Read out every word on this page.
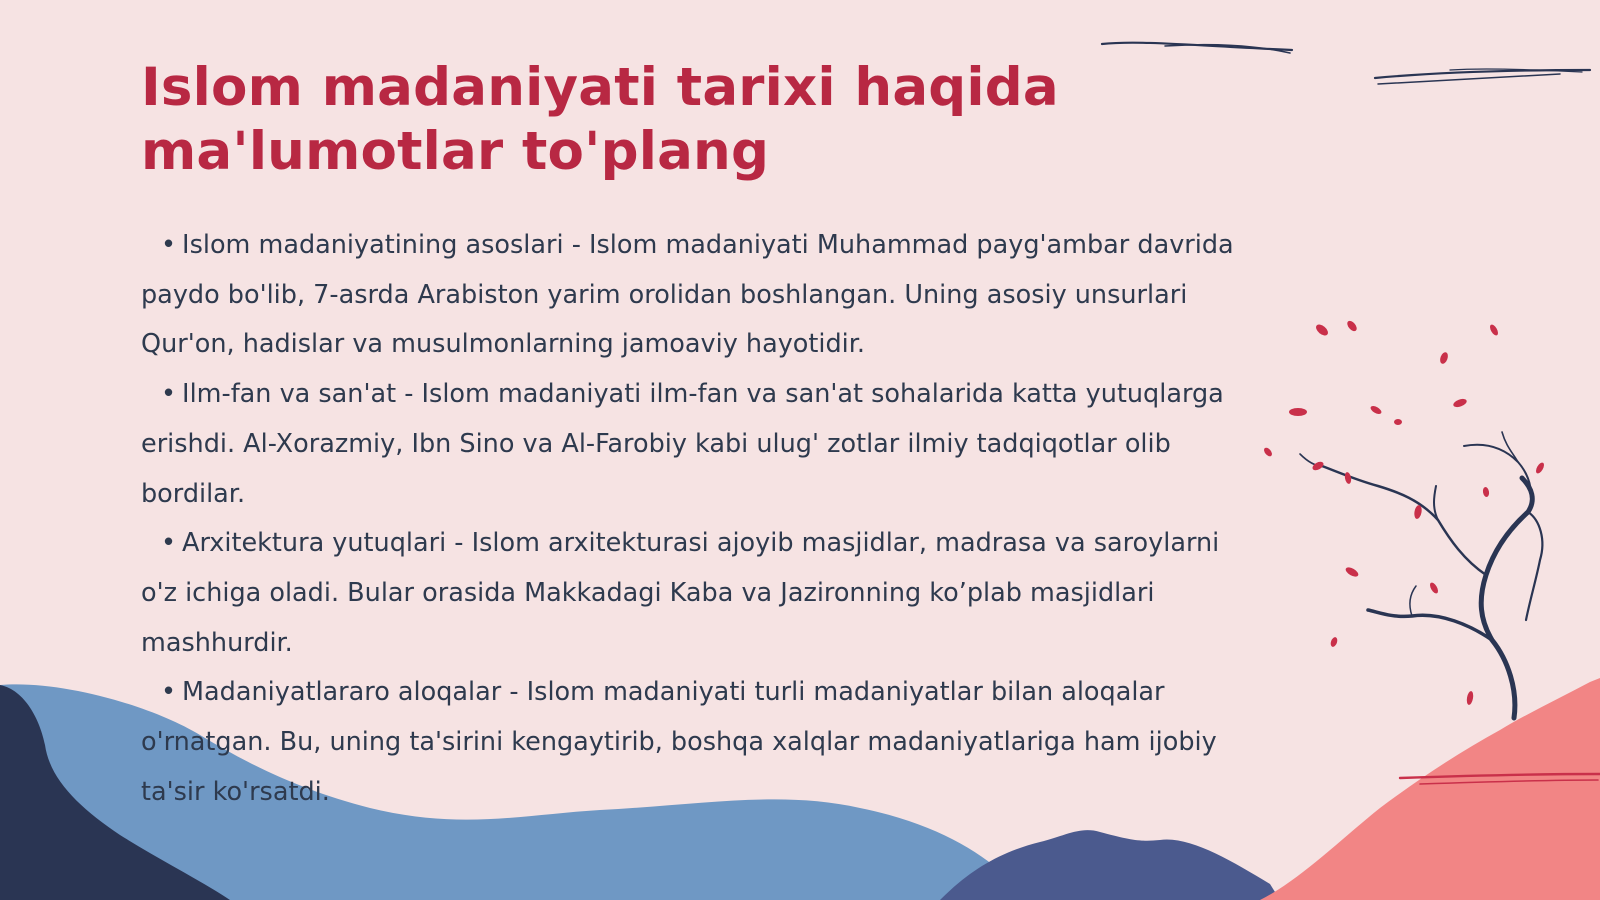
Islom madaniyati tarixi haqida ma'lumotlar to'plang
• Islom madaniyatining asoslari - Islom madaniyati Muhammad payg'ambar davrida paydo bo'lib, 7-asrda Arabiston yarim orolidan boshlangan. Uning asosiy unsurlari Qur'on, hadislar va musulmonlarning jamoaviy hayotidir.
• Ilm-fan va san'at - Islom madaniyati ilm-fan va san'at sohalarida katta yutuqlarga erishdi. Al-Xorazmiy, Ibn Sino va Al-Farobiy kabi ulug' zotlar ilmiy tadqiqotlar olib bordilar.
• Arxitektura yutuqlari - Islom arxitekturasi ajoyib masjidlar, madrasa va saroylarni o'z ichiga oladi. Bular orasida Makkadagi Kaba va Jazironning ko’plab masjidlari mashhurdir.
• Madaniyatlararo aloqalar - Islom madaniyati turli madaniyatlar bilan aloqalar o'rnatgan. Bu, uning ta'sirini kengaytirib, boshqa xalqlar madaniyatlariga ham ijobiy ta'sir ko'rsatdi.
